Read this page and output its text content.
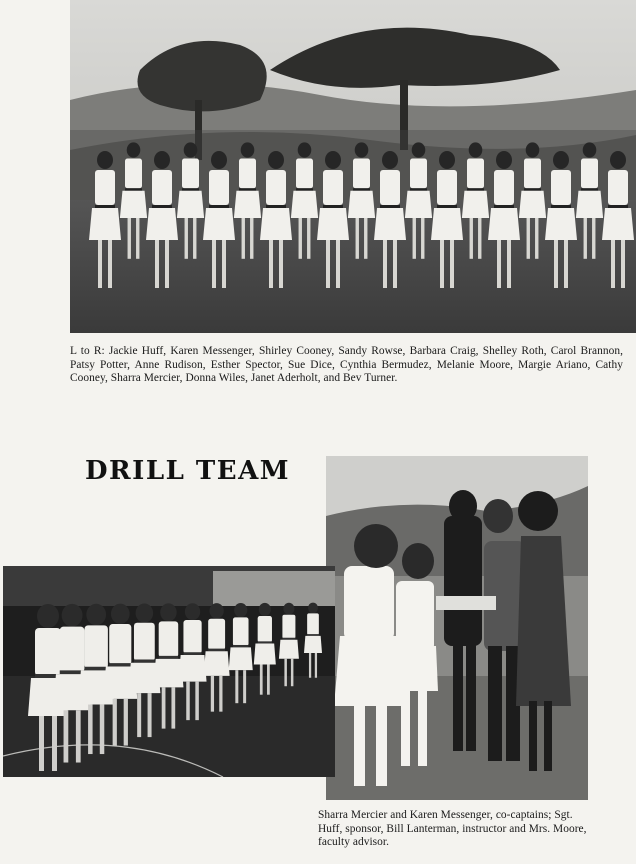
L to R: Jackie Huff, Karen Messenger, Shirley Cooney, Sandy Rowse, Barbara Craig, Shelley Roth, Carol Brannon, Patsy Potter, Anne Rudison, Esther Spector, Sue Dice, Cynthia Bermudez, Melanie Moore, Margie Ariano, Cathy Cooney, Sharra Mercier, Donna Wiles, Janet Aderholt, and Bev Turner.
DRILL TEAM
Sharra Mercier and Karen Messenger, co-captains; Sgt. Huff, sponsor, Bill Lanterman, instructor and Mrs. Moore, faculty advisor.
